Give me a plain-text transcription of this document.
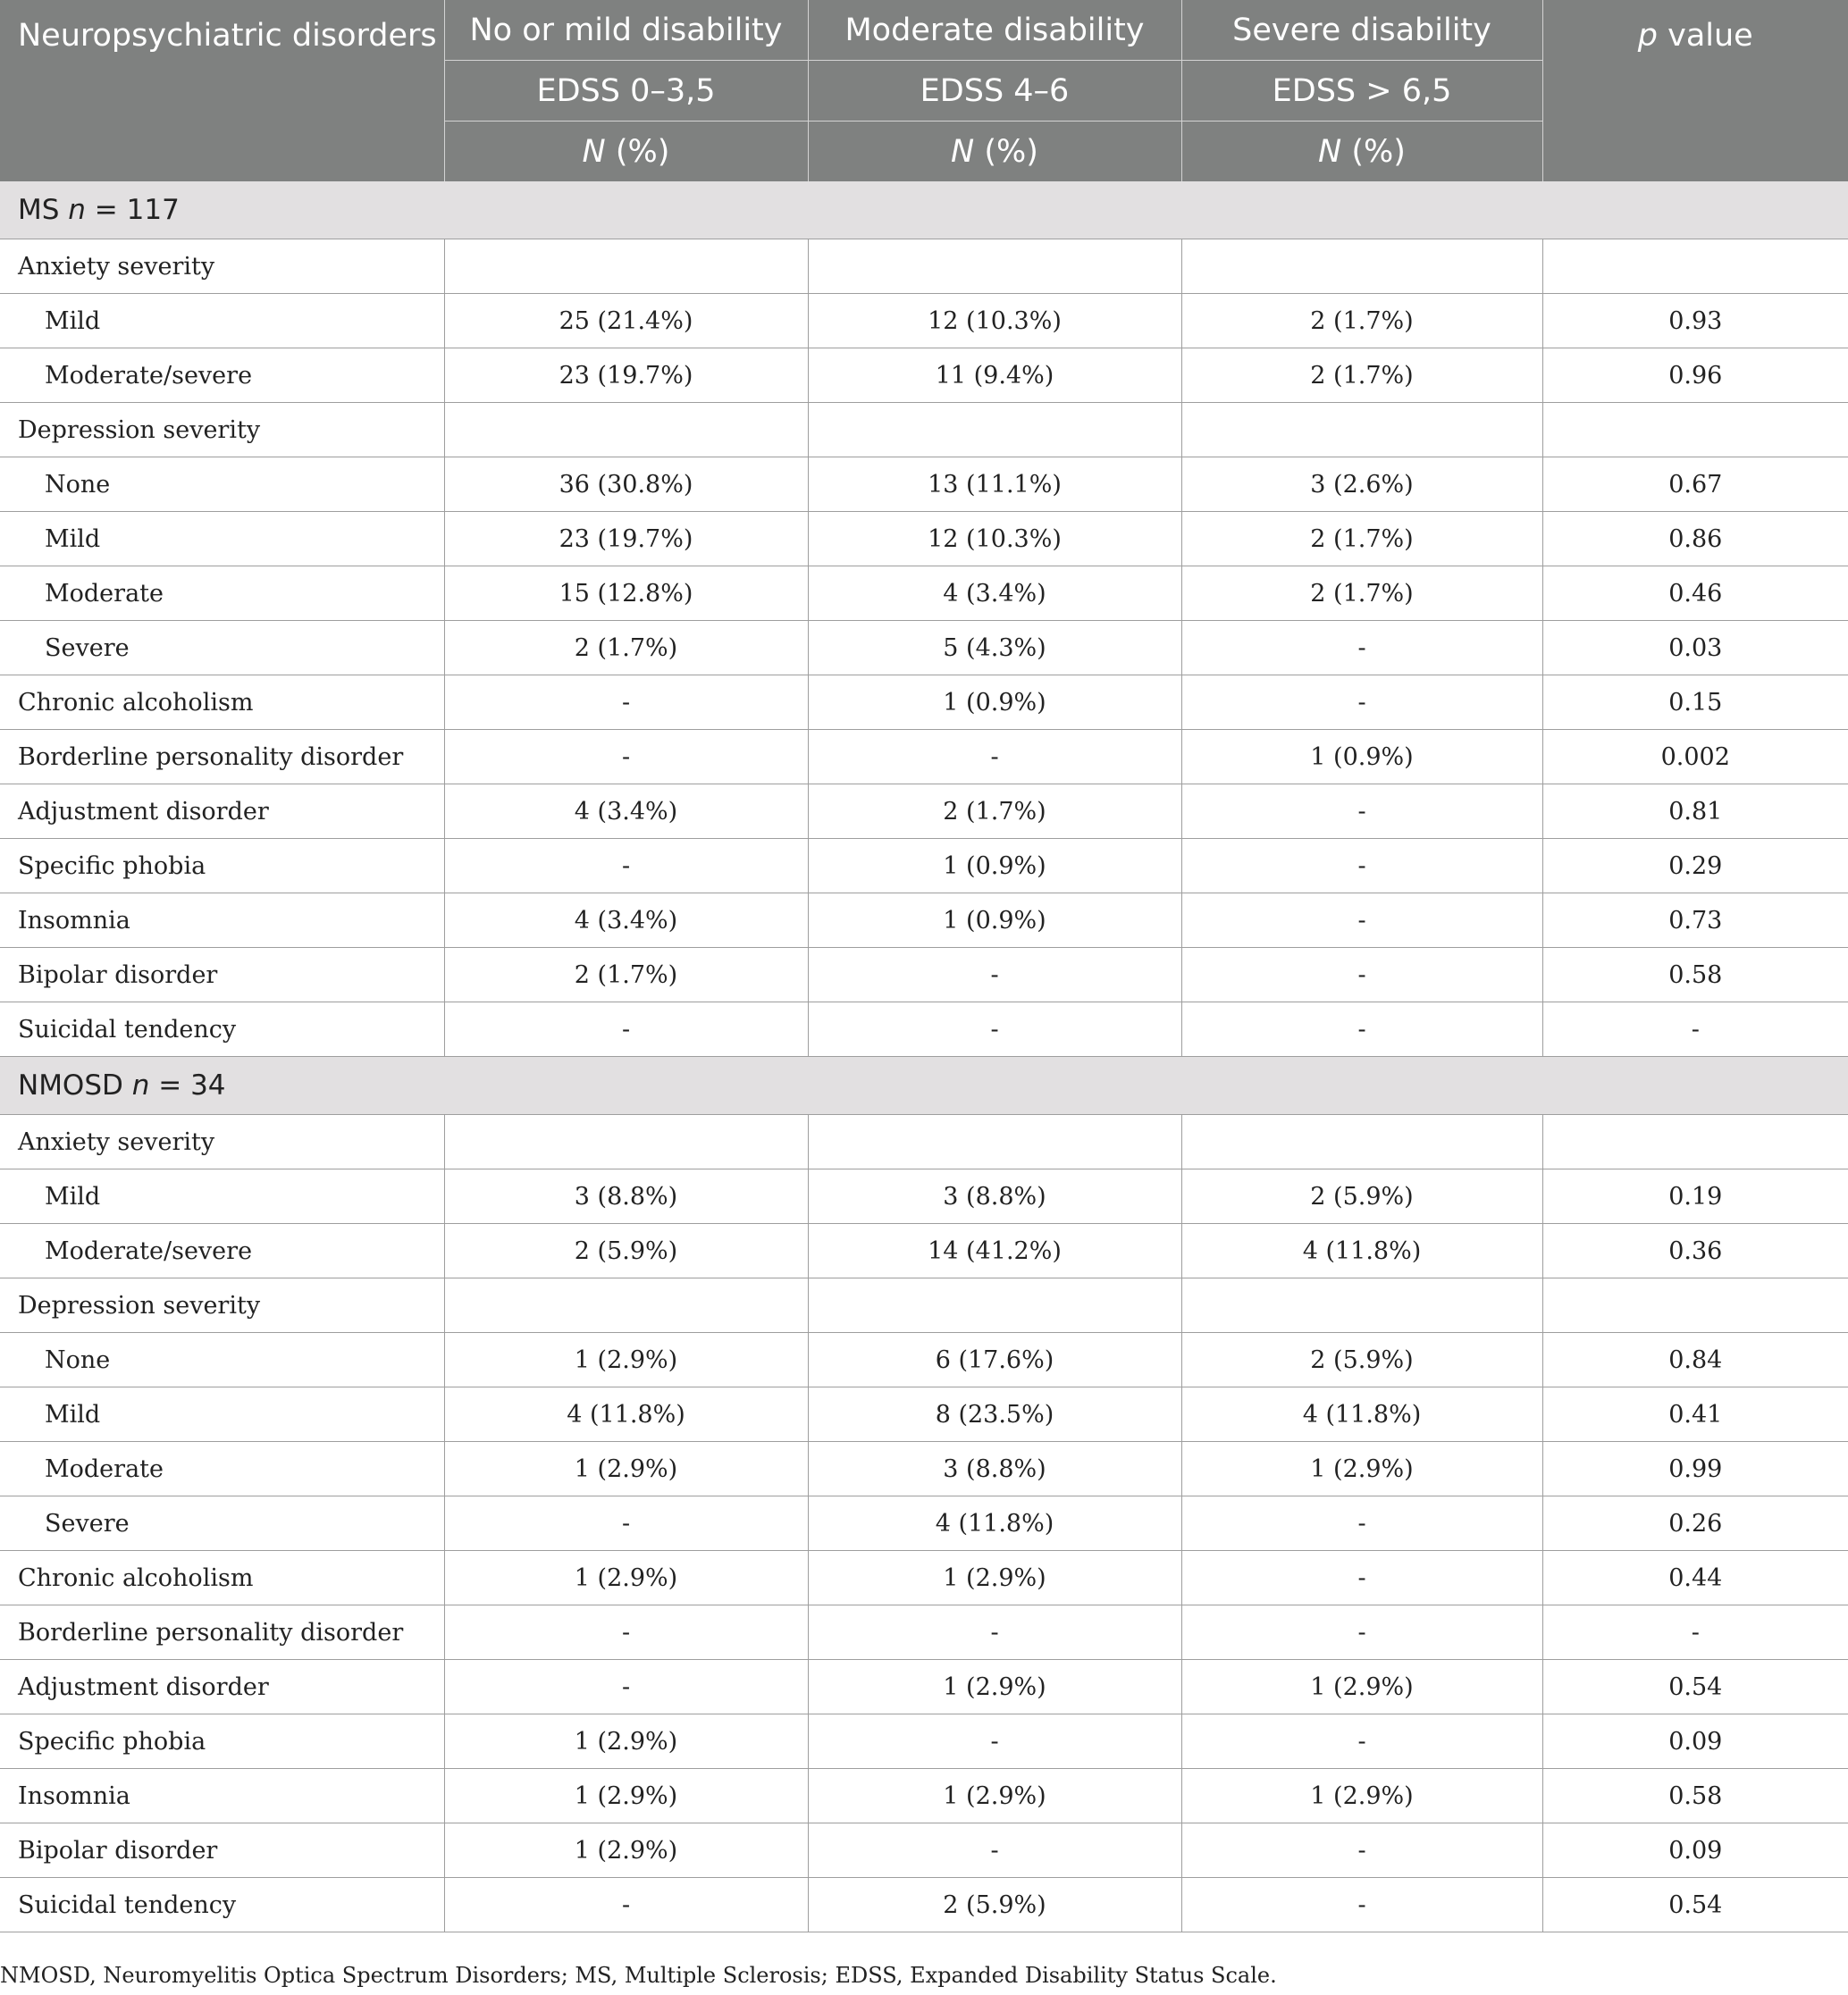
Neuropsychiatric disorders	No or mild disability	Moderate disability	Severe disability	p value
	EDSS 0–3,5	EDSS 4–6	EDSS > 6,5	
	N (%)	N (%)	N (%)	
MS n = 117				
Anxiety severity				
Mild	25 (21.4%)	12 (10.3%)	2 (1.7%)	0.93
Moderate/severe	23 (19.7%)	11 (9.4%)	2 (1.7%)	0.96
Depression severity				
None	36 (30.8%)	13 (11.1%)	3 (2.6%)	0.67
Mild	23 (19.7%)	12 (10.3%)	2 (1.7%)	0.86
Moderate	15 (12.8%)	4 (3.4%)	2 (1.7%)	0.46
Severe	2 (1.7%)	5 (4.3%)	-	0.03
Chronic alcoholism	-	1 (0.9%)	-	0.15
Borderline personality disorder	-	-	1 (0.9%)	0.002
Adjustment disorder	4 (3.4%)	2 (1.7%)	-	0.81
Specific phobia	-	1 (0.9%)	-	0.29
Insomnia	4 (3.4%)	1 (0.9%)	-	0.73
Bipolar disorder	2 (1.7%)	-	-	0.58
Suicidal tendency	-	-	-	-
NMOSD n = 34				
Anxiety severity				
Mild	3 (8.8%)	3 (8.8%)	2 (5.9%)	0.19
Moderate/severe	2 (5.9%)	14 (41.2%)	4 (11.8%)	0.36
Depression severity				
None	1 (2.9%)	6 (17.6%)	2 (5.9%)	0.84
Mild	4 (11.8%)	8 (23.5%)	4 (11.8%)	0.41
Moderate	1 (2.9%)	3 (8.8%)	1 (2.9%)	0.99
Severe	-	4 (11.8%)	-	0.26
Chronic alcoholism	1 (2.9%)	1 (2.9%)	-	0.44
Borderline personality disorder	-	-	-	-
Adjustment disorder	-	1 (2.9%)	1 (2.9%)	0.54
Specific phobia	1 (2.9%)	-	-	0.09
Insomnia	1 (2.9%)	1 (2.9%)	1 (2.9%)	0.58
Bipolar disorder	1 (2.9%)	-	-	0.09
Suicidal tendency	-	2 (5.9%)	-	0.54
NMOSD, Neuromyelitis Optica Spectrum Disorders; MS, Multiple Sclerosis; EDSS, Expanded Disability Status Scale.
